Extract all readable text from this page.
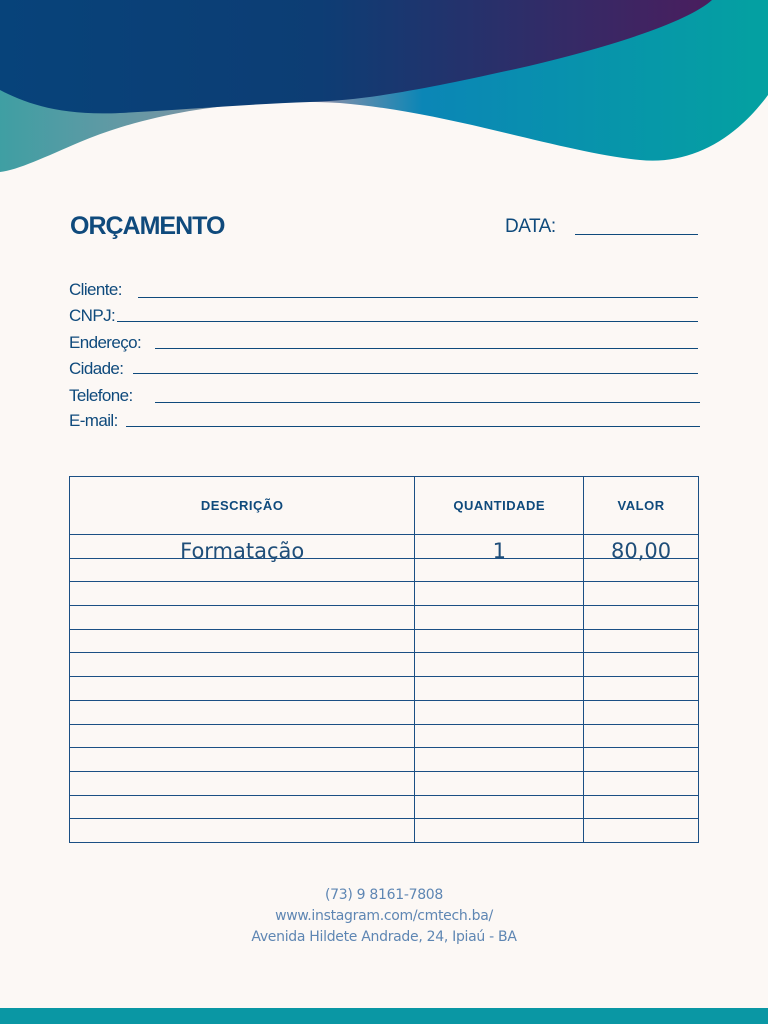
ORÇAMENTO	DATA:
Cliente:
CNPJ:
Endereço:
Cidade:
Telefone:
E-mail:
DESCRIÇÃO	QUANTIDADE	VALOR
Formatação	1	80,00

(73) 9 8161-7808
www.instagram.com/cmtech.ba/
Avenida Hildete Andrade, 24, Ipiaú - BA
